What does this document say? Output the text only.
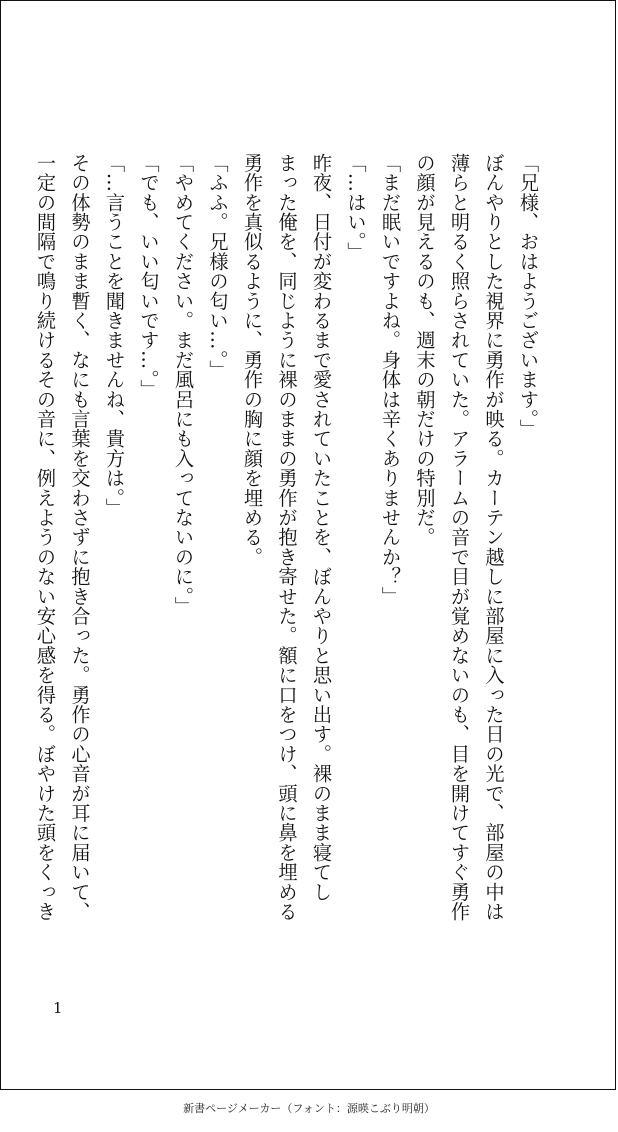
「兄様、おはようございます。」

ぼんやりとした視界に勇作が映る。カーテン越しに部屋に入った日の光で、部屋の中は

薄らと明るく照らされていた。アラームの音で目が覚めないのも、目を開けてすぐ勇作

の顔が見えるのも、週末の朝だけの特別だ。

「まだ眠いですよね。身体は辛くありませんか？」

「…はい。」

昨夜、日付が変わるまで愛されていたことを、ぼんやりと思い出す。裸のまま寝てし

まった俺を、同じように裸のままの勇作が抱き寄せた。額に口をつけ、頭に鼻を埋める

勇作を真似るように、勇作の胸に顔を埋める。

「ふふ。兄様の匂い…。」

「やめてください。まだ風呂にも入ってないのに。」

「でも、いい匂いです…。」

「…言うことを聞きませんね、貴方は。」

その体勢のまま暫く、なにも言葉を交わさずに抱き合った。勇作の心音が耳に届いて、

一定の間隔で鳴り続けるその音に、例えようのない安心感を得る。ぼやけた頭をくっき

1
新書ページメーカー（フォント：源暎こぶり明朝）
